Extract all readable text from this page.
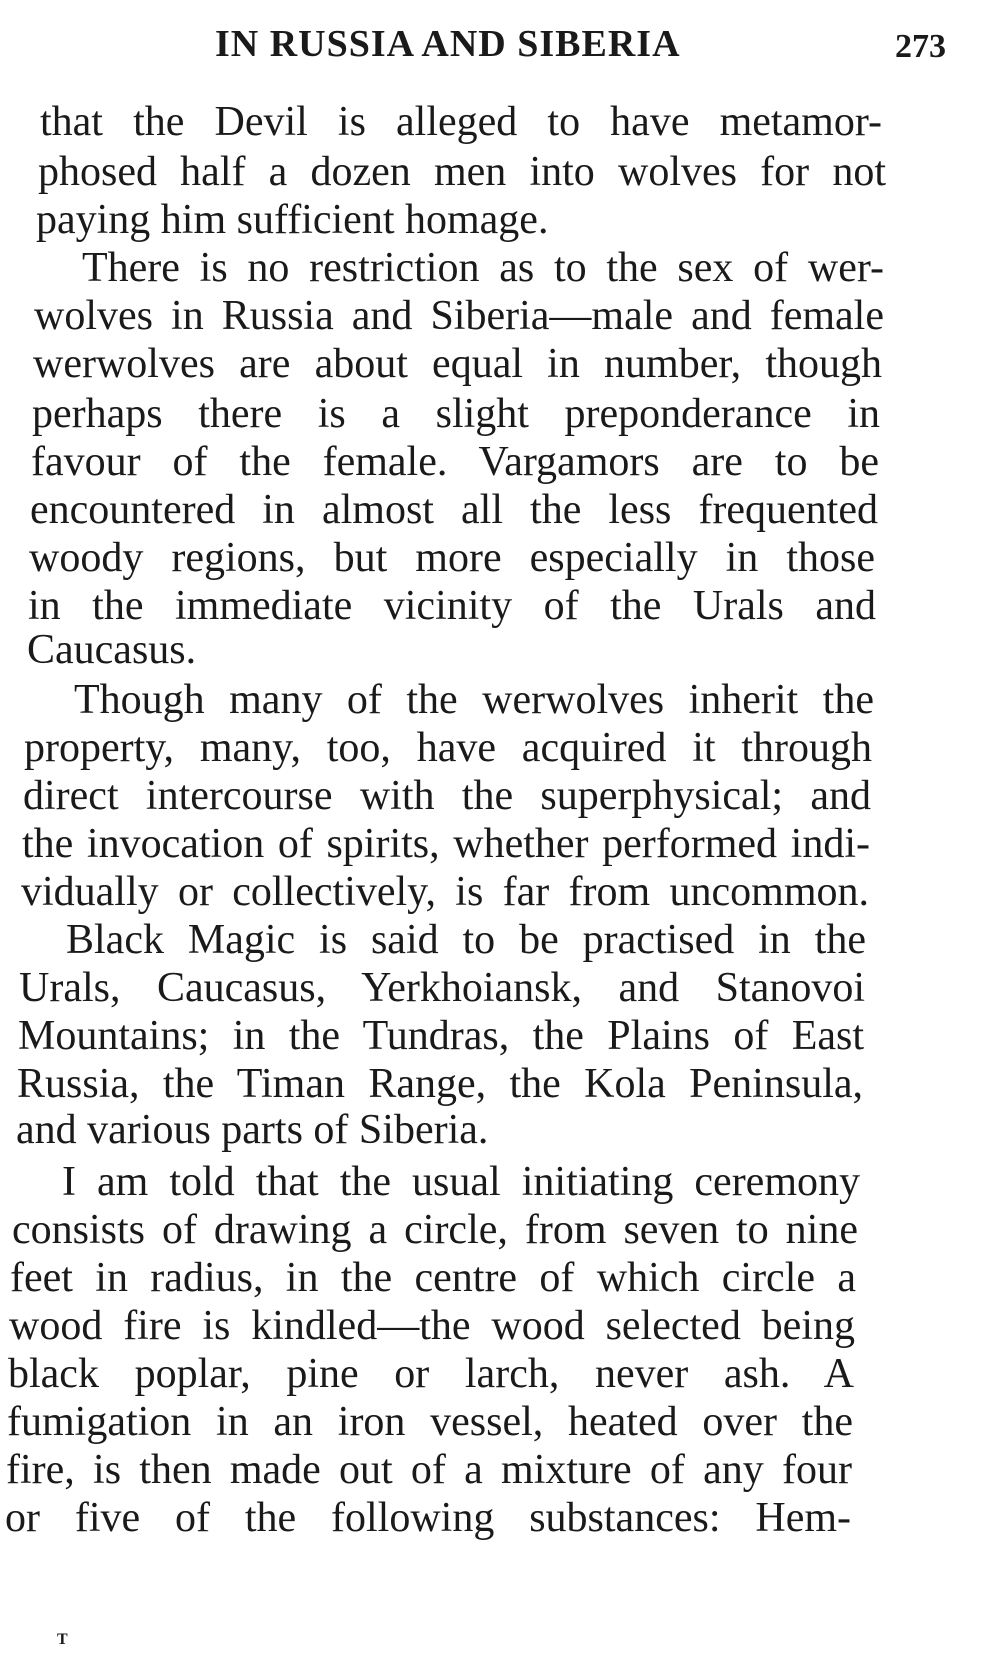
IN RUSSIA AND SIBERIA	273
that the Devil is alleged to have metamor-
phosed half a dozen men into wolves for not
paying him sufficient homage.
There is no restriction as to the sex of wer-
wolves in Russia and Siberia—male and female
werwolves are about equal in number, though
perhaps there is a slight preponderance in
favour of the female. Vargamors are to be
encountered in almost all the less frequented
woody regions, but more especially in those
in the immediate vicinity of the Urals and
Caucasus.
Though many of the werwolves inherit the
property, many, too, have acquired it through
direct intercourse with the superphysical; and
the invocation of spirits, whether performed indi-
vidually or collectively, is far from uncommon.
Black Magic is said to be practised in the
Urals, Caucasus, Yerkhoiansk, and Stanovoi
Mountains; in the Tundras, the Plains of East
Russia, the Timan Range, the Kola Peninsula,
and various parts of Siberia.
I am told that the usual initiating ceremony
consists of drawing a circle, from seven to nine
feet in radius, in the centre of which circle a
wood fire is kindled—the wood selected being
black poplar, pine or larch, never ash. A
fumigation in an iron vessel, heated over the
fire, is then made out of a mixture of any four
or five of the following substances: Hem-
T
